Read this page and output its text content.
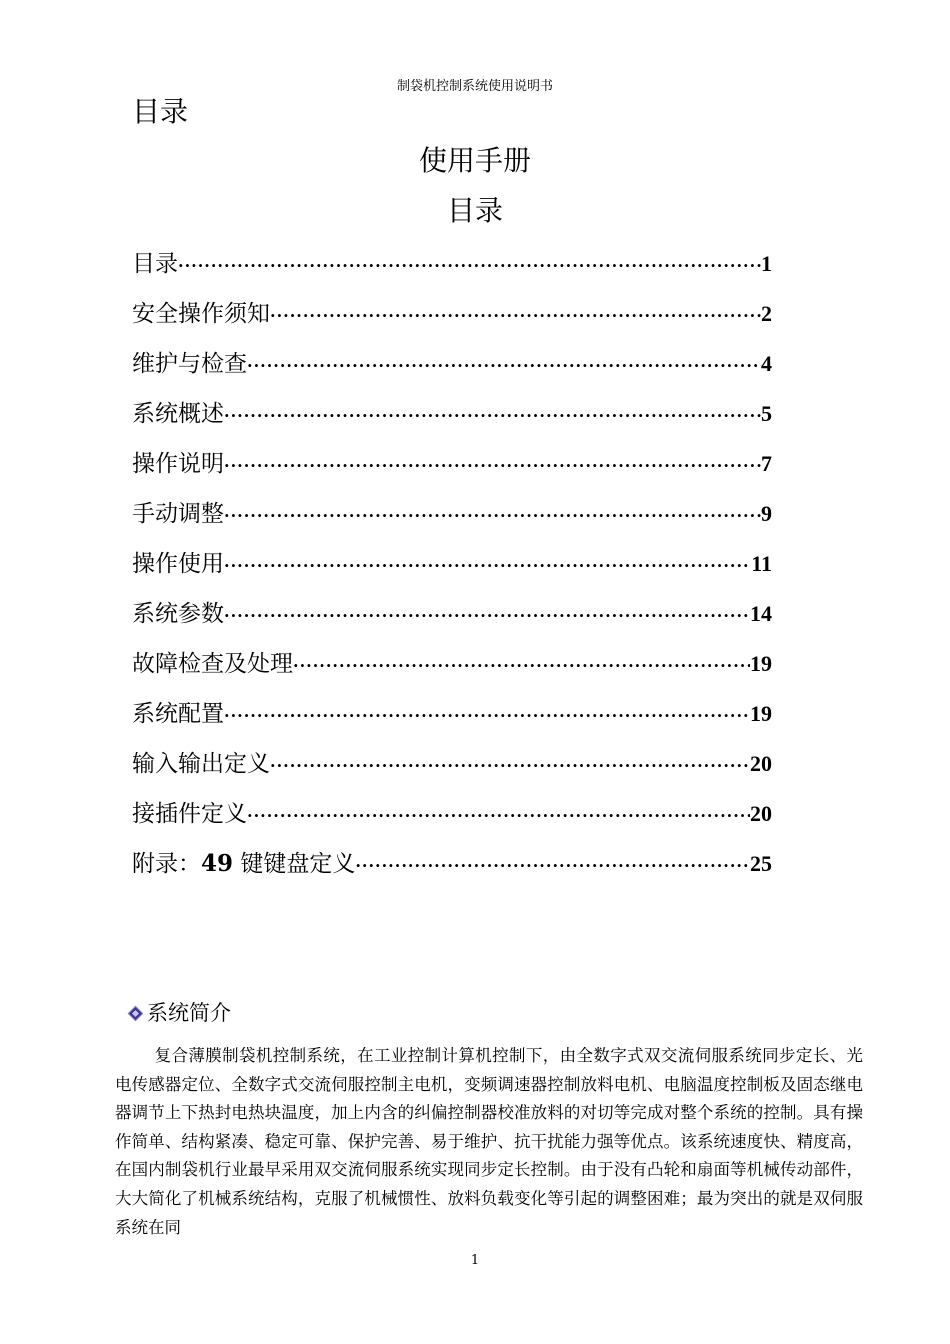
制袋机控制系统使用说明书
目录
使用手册
目录
目录 ·····	1
安全操作须知 ·····	2
维护与检查 ·····	4
系统概述 ·····	5
操作说明 ·····	7
手动调整 ·····	9
操作使用 ·····	11
系统参数 ·····	14
故障检查及处理 ·····	19
系统配置 ·····	19
输入输出定义 ·····	20
接插件定义 ·····	20
附录：49 键键盘定义 ·····	25
系统简介

复合薄膜制袋机控制系统，在工业控制计算机控制下，由全数字式双交流伺服系统同步定长、光电传感器定位、全数字式交流伺服控制主电机，变频调速器控制放料电机、电脑温度控制板及固态继电器调节上下热封电热块温度，加上内含的纠偏控制器校准放料的对切等完成对整个系统的控制。具有操作简单、结构紧凑、稳定可靠、保护完善、易于维护、抗干扰能力强等优点。该系统速度快、精度高，在国内制袋机行业最早采用双交流伺服系统实现同步定长控制。由于没有凸轮和扇面等机械传动部件，大大简化了机械系统结构，克服了机械惯性、放料负载变化等引起的调整困难；最为突出的就是双伺服系统在同

1
